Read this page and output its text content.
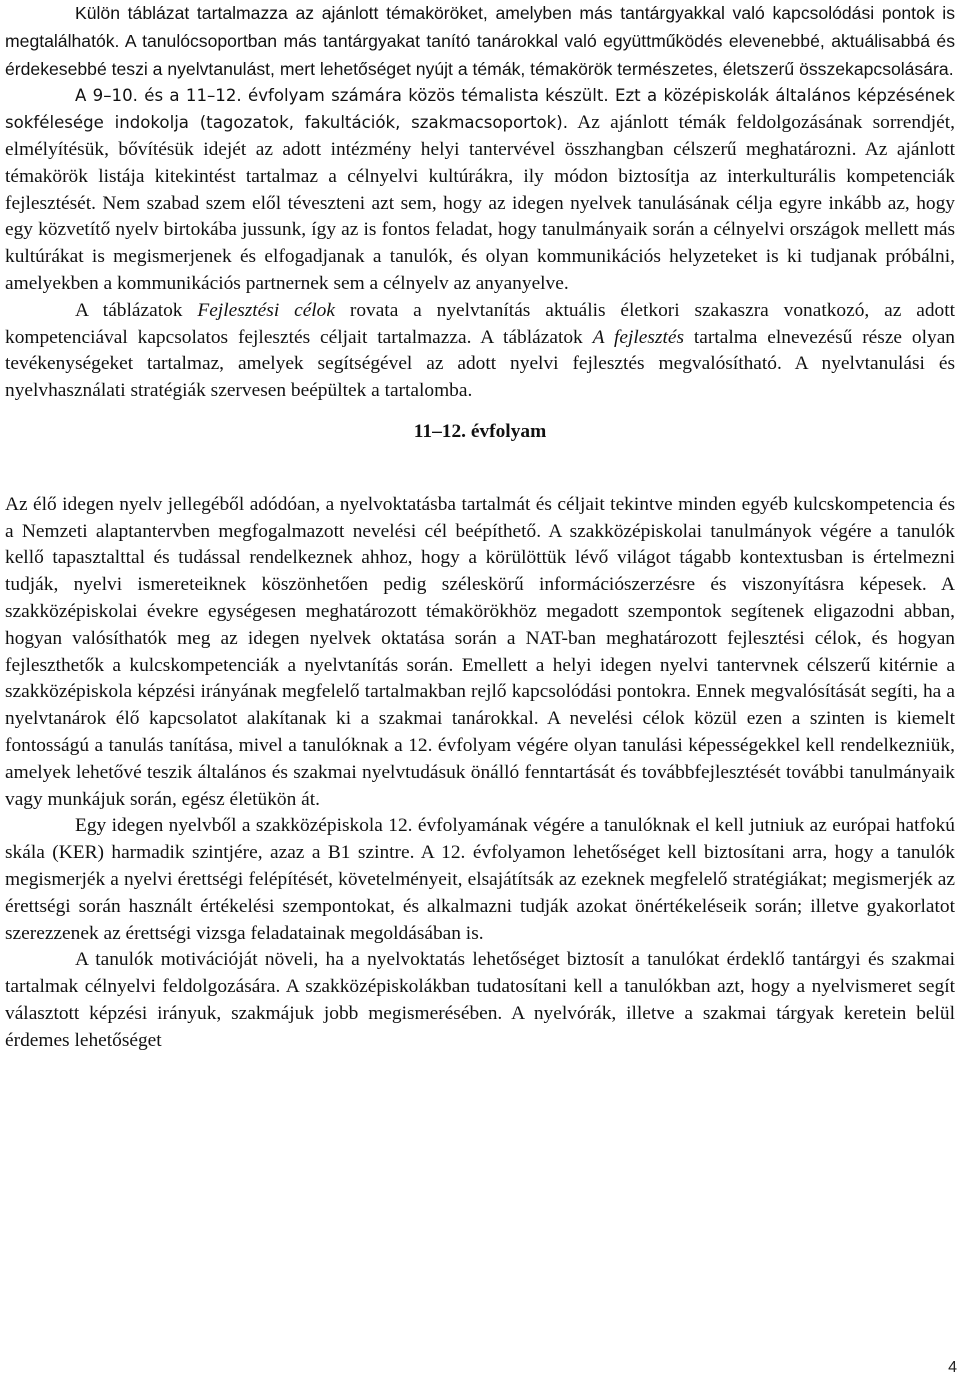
Külön táblázat tartalmazza az ajánlott témaköröket, amelyben más tantárgyakkal való kapcsolódási pontok is megtalálhatók. A tanulócsoportban más tantárgyakat tanító tanárokkal való együttműködés elevenebbé, aktuálisabbá és érdekesebbé teszi a nyelvtanulást, mert lehetőséget nyújt a témák, témakörök természetes, életszerű összekapcsolására.

A 9–10. és a 11–12. évfolyam számára közös témalista készült. Ezt a középiskolák általános képzésének sokfélesége indokolja (tagozatok, fakultációk, szakmacsoportok). Az ajánlott témák feldolgozásának sorrendjét, elmélyítésük, bővítésük idejét az adott intézmény helyi tantervével összhangban célszerű meghatározni. Az ajánlott témakörök listája kitekintést tartalmaz a célnyelvi kultúrákra, ily módon biztosítja az interkulturális kompetenciák fejlesztését. Nem szabad szem elől téveszteni azt sem, hogy az idegen nyelvek tanulásának célja egyre inkább az, hogy egy közvetítő nyelv birtokába jussunk, így az is fontos feladat, hogy tanulmányaik során a célnyelvi országok mellett más kultúrákat is megismerjenek és elfogadjanak a tanulók, és olyan kommunikációs helyzeteket is ki tudjanak próbálni, amelyekben a kommunikációs partnernek sem a célnyelv az anyanyelve.

A táblázatok Fejlesztési célok rovata a nyelvtanítás aktuális életkori szakaszra vonatkozó, az adott kompetenciával kapcsolatos fejlesztés céljait tartalmazza. A táblázatok A fejlesztés tartalma elnevezésű része olyan tevékenységeket tartalmaz, amelyek segítségével az adott nyelvi fejlesztés megvalósítható. A nyelvtanulási és nyelvhasználati stratégiák szervesen beépültek a tartalomba.

11–12. évfolyam

Az élő idegen nyelv jellegéből adódóan, a nyelvoktatásba tartalmát és céljait tekintve minden egyéb kulcskompetencia és a Nemzeti alaptantervben megfogalmazott nevelési cél beépíthető. A szakközépiskolai tanulmányok végére a tanulók kellő tapasztalttal és tudással rendelkeznek ahhoz, hogy a körülöttük lévő világot tágabb kontextusban is értelmezni tudják, nyelvi ismereteiknek köszönhetően pedig széleskörű információszerzésre és viszonyításra képesek. A szakközépiskolai évekre egységesen meghatározott témakörökhöz megadott szempontok segítenek eligazodni abban, hogyan valósíthatók meg az idegen nyelvek oktatása során a NAT-ban meghatározott fejlesztési célok, és hogyan fejleszthetők a kulcskompetenciák a nyelvtanítás során. Emellett a helyi idegen nyelvi tantervnek célszerű kitérnie a szakközépiskola képzési irányának megfelelő tartalmakban rejlő kapcsolódási pontokra. Ennek megvalósítását segíti, ha a nyelvtanárok élő kapcsolatot alakítanak ki a szakmai tanárokkal. A nevelési célok közül ezen a szinten is kiemelt fontosságú a tanulás tanítása, mivel a tanulóknak a 12. évfolyam végére olyan tanulási képességekkel kell rendelkezniük, amelyek lehetővé teszik általános és szakmai nyelvtudásuk önálló fenntartását és továbbfejlesztését további tanulmányaik vagy munkájuk során, egész életükön át.

Egy idegen nyelvből a szakközépiskola 12. évfolyamának végére a tanulóknak el kell jutniuk az európai hatfokú skála (KER) harmadik szintjére, azaz a B1 szintre. A 12. évfolyamon lehetőséget kell biztosítani arra, hogy a tanulók megismerjék a nyelvi érettségi felépítését, követelményeit, elsajátítsák az ezeknek megfelelő stratégiákat; megismerjék az érettségi során használt értékelési szempontokat, és alkalmazni tudják azokat önértékeléseik során; illetve gyakorlatot szerezzenek az érettségi vizsga feladatainak megoldásában is.

A tanulók motivációját növeli, ha a nyelvoktatás lehetőséget biztosít a tanulókat érdeklő tantárgyi és szakmai tartalmak célnyelvi feldolgozására. A szakközépiskolákban tudatosítani kell a tanulókban azt, hogy a nyelvismeret segít választott képzési irányuk, szakmájuk jobb megismerésében. A nyelvórák, illetve a szakmai tárgyak keretein belül érdemes lehetőséget

4
